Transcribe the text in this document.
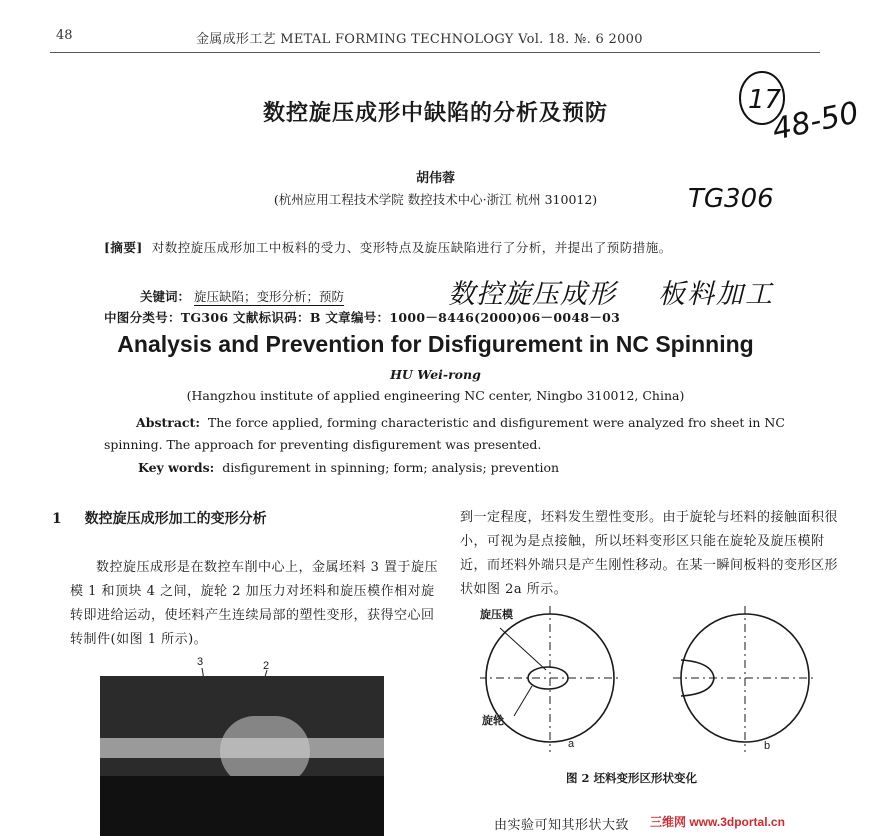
48	金属成形工艺 METAL FORMING TECHNOLOGY Vol. 18. №. 6 2000
数控旋压成形中缺陷的分析及预防	17
48-50
TG306
数控旋压成形 板料加工
胡伟蓉
(杭州应用工程技术学院 数控技术中心·浙江 杭州 310012)
[摘要] 对数控旋压成形加工中板料的受力、变形特点及旋压缺陷进行了分析，并提出了预防措施。
关键词： 旋压缺陷；变形分析；预防
中图分类号：TG306 文献标识码：B 文章编号：1000－8446(2000)06－0048－03
Analysis and Prevention for Disfigurement in NC Spinning
HU Wei-rong
(Hangzhou institute of applied engineering NC center, Ningbo 310012, China)
Abstract: The force applied, forming characteristic and disfigurement were analyzed fro sheet in NC spinning. The approach for preventing disfigurement was presented.
Key words: disfigurement in spinning; form; analysis; prevention
1 数控旋压成形加工的变形分析
数控旋压成形是在数控车削中心上，金属坯料 3 置于旋压模 1 和顶块 4 之间，旋轮 2 加压力对坯料和旋压模作相对旋转即进给运动，使坯料产生连续局部的塑性变形，获得空心回转制件(如图 1 所示)。
3	2
到一定程度，坯料发生塑性变形。由于旋轮与坯料的接触面积很小，可视为是点接触，所以坯料变形区只能在旋轮及旋压模附近，而坯料外端只是产生刚性移动。在某一瞬间板料的变形区形状如图 2a 所示。
旋压模
旋轮
a	b
图 2 坯料变形区形状变化
由实验可知其形状大致 三维网 www.3dportal.cn
